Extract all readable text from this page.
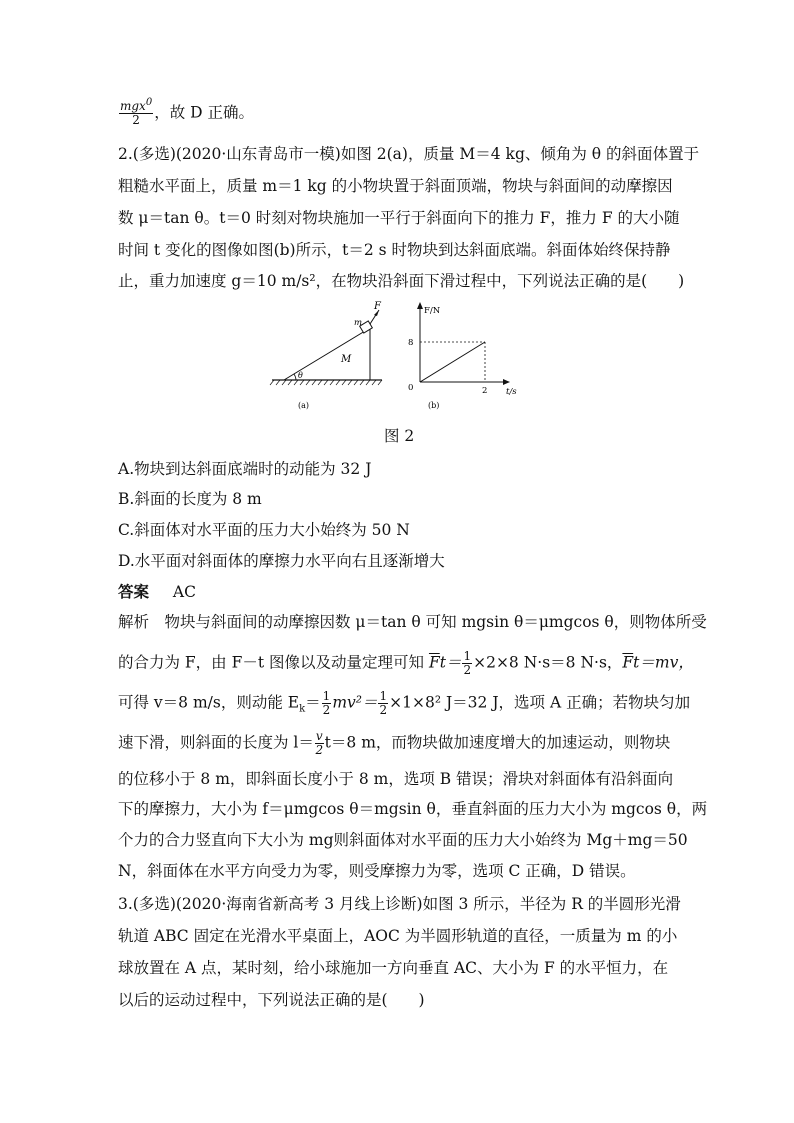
$\frac{mgx^0}{2}$ ，故 D 正确。
2.(多选)(2020·山东青岛市一模)如图 2(a)，质量 M＝4 kg、倾角为 θ 的斜面体置于
粗糙水平面上，质量 m＝1 kg 的小物块置于斜面顶端，物块与斜面间的动摩擦因
数 μ＝tan θ。t＝0 时刻对物块施加一平行于斜面向下的推力 F，推力 F 的大小随
时间 t 变化的图像如图(b)所示，t＝2 s 时物块到达斜面底端。斜面体始终保持静
止，重力加速度 g＝10 m/s²，在物块沿斜面下滑过程中，下列说法正确的是(　　)
F
m
M
θ
(a)
F/N
t/s
8
2
0
(b)
图 2
A.物块到达斜面底端时的动能为 32 J
B.斜面的长度为 8 m
C.斜面体对水平面的压力大小始终为 50 N
D.水平面对斜面体的摩擦力水平向右且逐渐增大
答案 AC
解析　物块与斜面间的动摩擦因数 μ＝tan θ 可知 mgsin θ＝μmgcos θ，则物体所受
的合力为 F，由 F－t 图像以及动量定理可知 $\overline{F}t= \frac{1}{2} \times 2\times 8$ N·s＝8 N·s，$\overline{F}t=mv$，
可得 v＝8 m/s，则动能 $E_k= \frac{1}{2} mv^2= \frac{1}{2} \times 1\times 8^2$ J＝32 J，选项 A 正确；若物块匀加
速下滑，则斜面的长度为 $l= \frac{v}{2} t=8$ m，而物块做加速度增大的加速运动，则物块
的位移小于 8 m，即斜面长度小于 8 m，选项 B 错误；滑块对斜面体有沿斜面向
下的摩擦力，大小为 f＝μmgcos θ＝mgsin θ，垂直斜面的压力大小为 mgcos θ，两
个力的合力竖直向下大小为 mg则斜面体对水平面的压力大小始终为 Mg＋mg＝50
N，斜面体在水平方向受力为零，则受摩擦力为零，选项 C 正确，D 错误。
3.(多选)(2020·海南省新高考 3 月线上诊断)如图 3 所示，半径为 R 的半圆形光滑
轨道 ABC 固定在光滑水平桌面上，AOC 为半圆形轨道的直径，一质量为 m 的小
球放置在 A 点，某时刻，给小球施加一方向垂直 AC、大小为 F 的水平恒力，在
以后的运动过程中，下列说法正确的是(　　)
